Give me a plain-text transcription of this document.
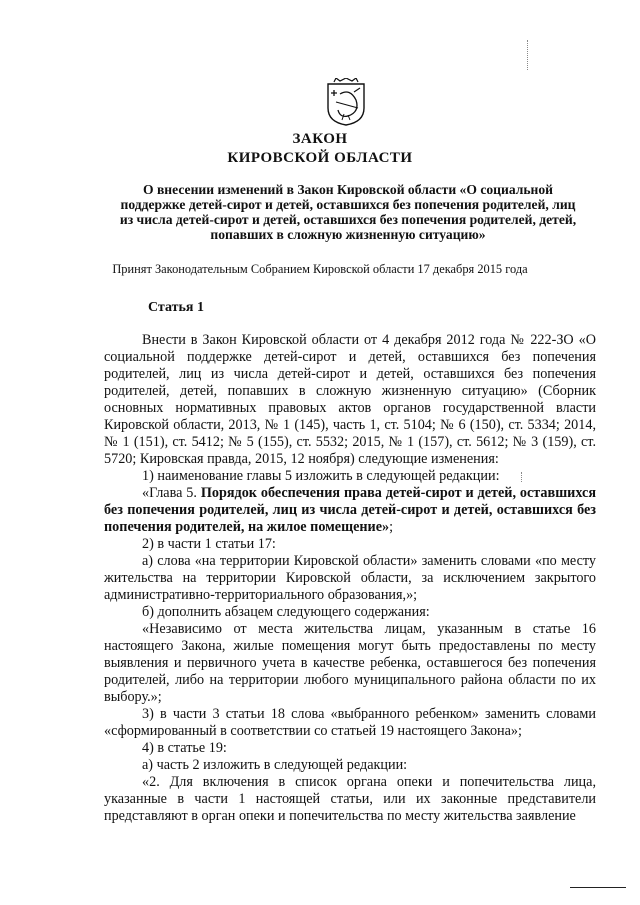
ЗАКОН
КИРОВСКОЙ ОБЛАСТИ
О внесении изменений в Закон Кировской области «О социальной поддержке детей-сирот и детей, оставшихся без попечения родителей, лиц из числа детей-сирот и детей, оставшихся без попечения родителей, детей, попавших в сложную жизненную ситуацию»
Принят Законодательным Собранием Кировской области 17 декабря 2015 года
Статья 1

Внести в Закон Кировской области от 4 декабря 2012 года № 222-ЗО «О социальной поддержке детей-сирот и детей, оставшихся без попечения родителей, лиц из числа детей-сирот и детей, оставшихся без попечения родителей, детей, попавших в сложную жизненную ситуацию» (Сборник основных нормативных правовых актов органов государственной власти Кировской области, 2013, № 1 (145), часть 1, ст. 5104; № 6 (150), ст. 5334; 2014, № 1 (151), ст. 5412; № 5 (155), ст. 5532; 2015, № 1 (157), ст. 5612; № 3 (159), ст. 5720; Кировская правда, 2015, 12 ноября) следующие изменения:

1) наименование главы 5 изложить в следующей редакции:

«Глава 5. Порядок обеспечения права детей-сирот и детей, оставшихся без попечения родителей, лиц из числа детей-сирот и детей, оставшихся без попечения родителей, на жилое помещение»;

2) в части 1 статьи 17:

а) слова «на территории Кировской области» заменить словами «по месту жительства на территории Кировской области, за исключением закрытого административно-территориального образования,»;

б) дополнить абзацем следующего содержания:

«Независимо от места жительства лицам, указанным в статье 16 настоящего Закона, жилые помещения могут быть предоставлены по месту выявления и первичного учета в качестве ребенка, оставшегося без попечения родителей, либо на территории любого муниципального района области по их выбору.»;

3) в части 3 статьи 18 слова «выбранного ребенком» заменить словами «сформированный в соответствии со статьей 19 настоящего Закона»;

4) в статье 19:

а) часть 2 изложить в следующей редакции:

«2. Для включения в список органа опеки и попечительства лица, указанные в части 1 настоящей статьи, или их законные представители представляют в орган опеки и попечительства по месту жительства заявление
